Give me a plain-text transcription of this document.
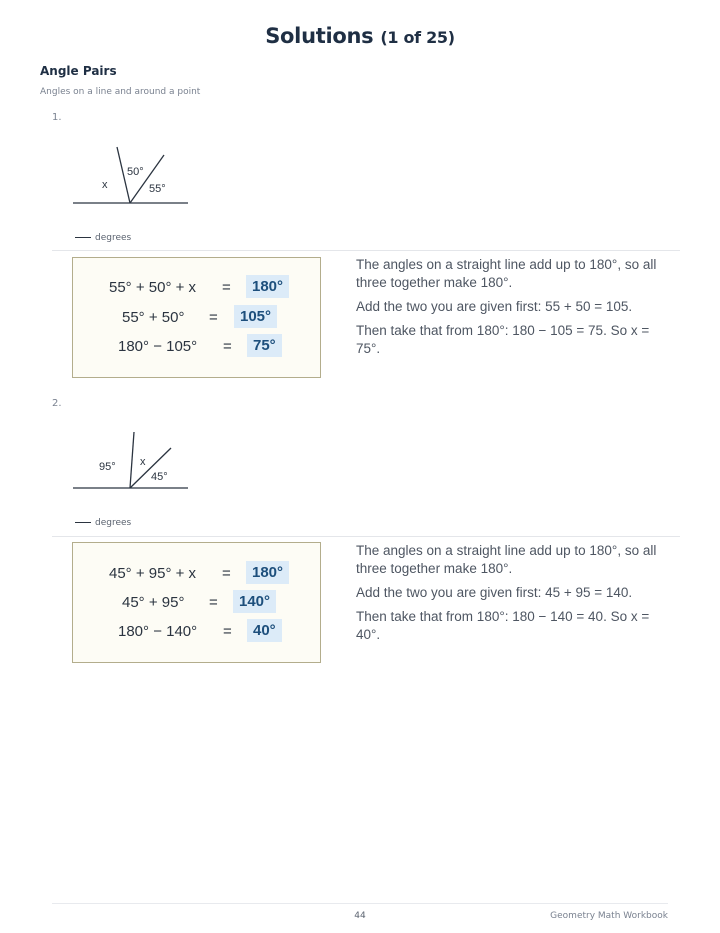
Solutions (1 of 25)
Angle Pairs
Angles on a line and around a point
1.
x
50°
55°
degrees
55° + 50° + x =	180°
55° + 50° =	105°
180° − 105° =	75°

The angles on a straight line add up to 180°, so all three together make 180°.

Add the two you are given first: 55 + 50 = 105.

Then take that from 180°: 180 − 105 = 75. So x = 75°.

2.
95° x
45°
degrees
45° + 95° + x =	180°
45° + 95° =	140°
180° − 140° =	40°

The angles on a straight line add up to 180°, so all three together make 180°.

Add the two you are given first: 45 + 95 = 140.

Then take that from 180°: 180 − 140 = 40. So x = 40°.

44	Geometry Math Workbook
